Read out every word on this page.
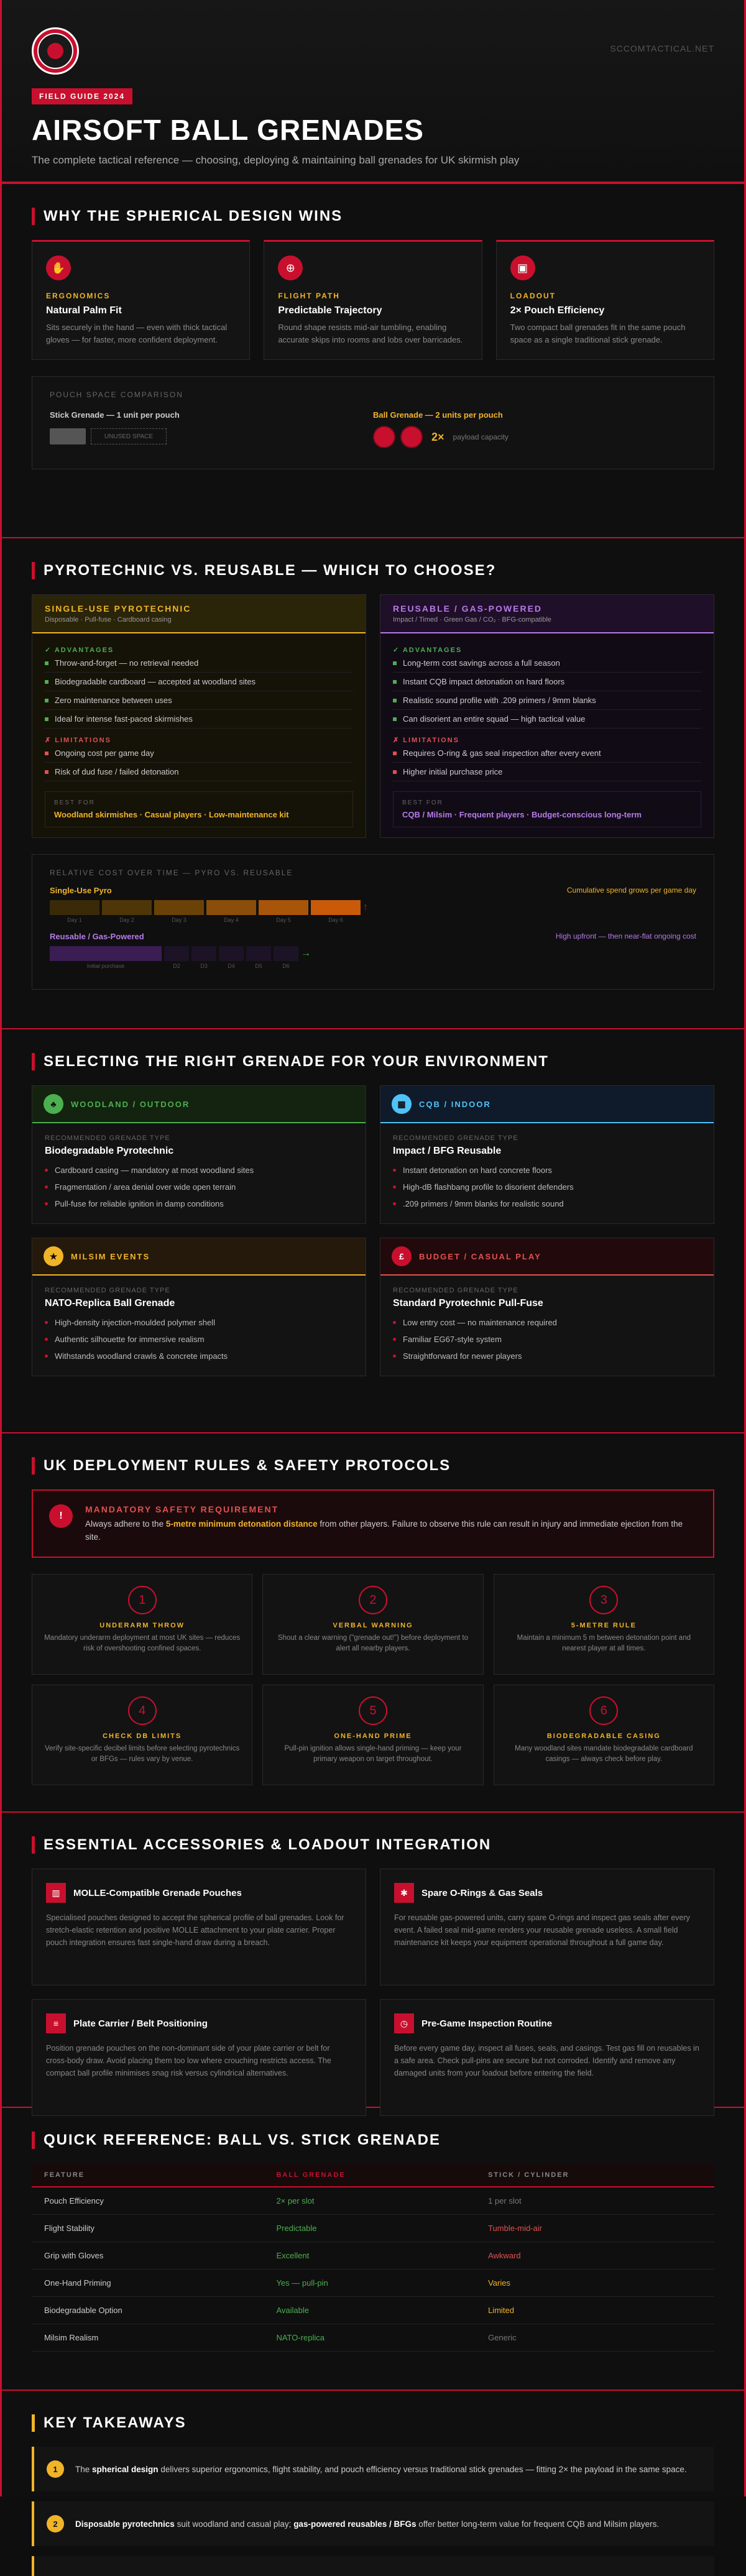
SCCOMTACTICAL.NET
FIELD GUIDE 2024
AIRSOFT BALL GRENADES

The complete tactical reference — choosing, deploying & maintaining ball grenades for UK skirmish play

WHY THE SPHERICAL DESIGN WINS
✋
ERGONOMICS
Natural Palm Fit

Sits securely in the hand — even with thick tactical gloves — for faster, more confident deployment.

⊕
FLIGHT PATH
Predictable Trajectory

Round shape resists mid-air tumbling, enabling accurate skips into rooms and lobs over barricades.

▣
LOADOUT
2× Pouch Efficiency

Two compact ball grenades fit in the same pouch space as a single traditional stick grenade.

POUCH SPACE COMPARISON
Stick Grenade — 1 unit per pouch
UNUSED SPACE
Ball Grenade — 2 units per pouch
2× payload capacity
PYROTECHNIC VS. REUSABLE — WHICH TO CHOOSE?
SINGLE-USE PYROTECHNIC
Disposable · Pull-fuse · Cardboard casing
✓ ADVANTAGES
Throw-and-forget — no retrieval needed
Biodegradable cardboard — accepted at woodland sites
Zero maintenance between uses
Ideal for intense fast-paced skirmishes
✗ LIMITATIONS
Ongoing cost per game day
Risk of dud fuse / failed detonation
BEST FOR
Woodland skirmishes · Casual players · Low-maintenance kit
REUSABLE / GAS-POWERED
Impact / Timed · Green Gas / CO₂ · BFG-compatible
✓ ADVANTAGES
Long-term cost savings across a full season
Instant CQB impact detonation on hard floors
Realistic sound profile with .209 primers / 9mm blanks
Can disorient an entire squad — high tactical value
✗ LIMITATIONS
Requires O-ring & gas seal inspection after every event
Higher initial purchase price
BEST FOR
CQB / Milsim · Frequent players · Budget-conscious long-term
RELATIVE COST OVER TIME — PYRO VS. REUSABLE
Single-Use Pyro	Cumulative spend grows per game day
↑
Day 1	Day 2	Day 3	Day 4	Day 5	Day 6
Reusable / Gas-Powered	High upfront — then near-flat ongoing cost
→
Initial purchase	D2	D3	D4	D5	D6
SELECTING THE RIGHT GRENADE FOR YOUR ENVIRONMENT
♣	WOODLAND / OUTDOOR
RECOMMENDED GRENADE TYPE
Biodegradable Pyrotechnic
Cardboard casing — mandatory at most woodland sites
Fragmentation / area denial over wide open terrain
Pull-fuse for reliable ignition in damp conditions
▦	CQB / INDOOR
RECOMMENDED GRENADE TYPE
Impact / BFG Reusable
Instant detonation on hard concrete floors
High-dB flashbang profile to disorient defenders
.209 primers / 9mm blanks for realistic sound
★	MILSIM EVENTS
RECOMMENDED GRENADE TYPE
NATO-Replica Ball Grenade
High-density injection-moulded polymer shell
Authentic silhouette for immersive realism
Withstands woodland crawls & concrete impacts
£	BUDGET / CASUAL PLAY
RECOMMENDED GRENADE TYPE
Standard Pyrotechnic Pull-Fuse
Low entry cost — no maintenance required
Familiar EG67-style system
Straightforward for newer players
UK DEPLOYMENT RULES & SAFETY PROTOCOLS
!
MANDATORY SAFETY REQUIREMENT

Always adhere to the 5-metre minimum detonation distance from other players. Failure to observe this rule can result in injury and immediate ejection from the site.

1
UNDERARM THROW

Mandatory underarm deployment at most UK sites — reduces risk of overshooting confined spaces.

2
VERBAL WARNING

Shout a clear warning ("grenade out!") before deployment to alert all nearby players.

3
5-METRE RULE

Maintain a minimum 5 m between detonation point and nearest player at all times.

4
CHECK DB LIMITS

Verify site-specific decibel limits before selecting pyrotechnics or BFGs — rules vary by venue.

5
ONE-HAND PRIME

Pull-pin ignition allows single-hand priming — keep your primary weapon on target throughout.

6
BIODEGRADABLE CASING

Many woodland sites mandate biodegradable cardboard casings — always check before play.

ESSENTIAL ACCESSORIES & LOADOUT INTEGRATION
▥	MOLLE-Compatible Grenade Pouches

Specialised pouches designed to accept the spherical profile of ball grenades. Look for stretch-elastic retention and positive MOLLE attachment to your plate carrier. Proper pouch integration ensures fast single-hand draw during a breach.

✱	Spare O-Rings & Gas Seals

For reusable gas-powered units, carry spare O-rings and inspect gas seals after every event. A failed seal mid-game renders your reusable grenade useless. A small field maintenance kit keeps your equipment operational throughout a full game day.

≡	Plate Carrier / Belt Positioning

Position grenade pouches on the non-dominant side of your plate carrier or belt for cross-body draw. Avoid placing them too low where crouching restricts access. The compact ball profile minimises snag risk versus cylindrical alternatives.

◷	Pre-Game Inspection Routine

Before every game day, inspect all fuses, seals, and casings. Test gas fill on reusables in a safe area. Check pull-pins are secure but not corroded. Identify and remove any damaged units from your loadout before entering the field.

QUICK REFERENCE: BALL VS. STICK GRENADE
FEATURE	BALL GRENADE	STICK / CYLINDER
Pouch Efficiency	2× per slot	1 per slot
Flight Stability	Predictable	Tumble-mid-air
Grip with Gloves	Excellent	Awkward
One-Hand Priming	Yes — pull-pin	Varies
Biodegradable Option	Available	Limited
Milsim Realism	NATO-replica	Generic
KEY TAKEAWAYS
1	The spherical design delivers superior ergonomics, flight stability, and pouch efficiency versus traditional stick grenades — fitting 2× the payload in the same space.

2	Disposable pyrotechnics suit woodland and casual play; gas-powered reusables / BFGs offer better long-term value for frequent CQB and Milsim players.
